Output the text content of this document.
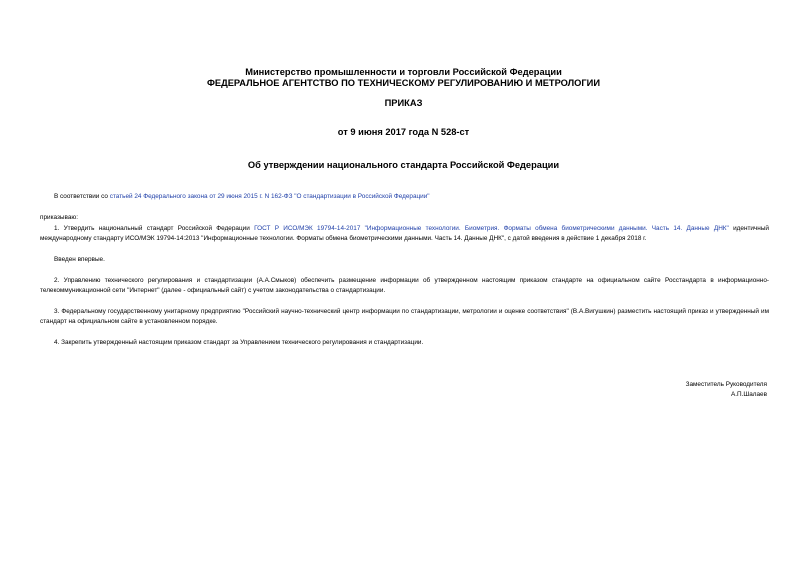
Министерство промышленности и торговли Российской Федерации
ФЕДЕРАЛЬНОЕ АГЕНТСТВО ПО ТЕХНИЧЕСКОМУ РЕГУЛИРОВАНИЮ И МЕТРОЛОГИИ
ПРИКАЗ
от 9 июня 2017 года N 528-ст
Об утверждении национального стандарта Российской Федерации
В соответствии со статьей 24 Федерального закона от 29 июня 2015 г. N 162-ФЗ "О стандартизации в Российской Федерации"
приказываю:
1. Утвердить национальный стандарт Российской Федерации ГОСТ Р ИСО/МЭК 19794-14-2017 "Информационные технологии. Биометрия. Форматы обмена биометрическими данными. Часть 14. Данные ДНК" идентичный международному стандарту ИСО/МЭК 19794-14:2013 "Информационные технологии. Форматы обмена биометрическими данными. Часть 14. Данные ДНК", с датой введения в действие 1 декабря 2018 г.
Введен впервые.
2. Управлению технического регулирования и стандартизации (А.А.Смыков) обеспечить размещение информации об утвержденном настоящим приказом стандарте на официальном сайте Росстандарта в информационно-телекоммуникационной сети "Интернет" (далее - официальный сайт) с учетом законодательства о стандартизации.
3. Федеральному государственному унитарному предприятию "Российский научно-технический центр информации по стандартизации, метрологии и оценке соответствия" (В.А.Вигушкин) разместить настоящий приказ и утвержденный им стандарт на официальном сайте в установленном порядке.
4. Закрепить утвержденный настоящим приказом стандарт за Управлением технического регулирования и стандартизации.
Заместитель Руководителя
А.П.Шалаев
